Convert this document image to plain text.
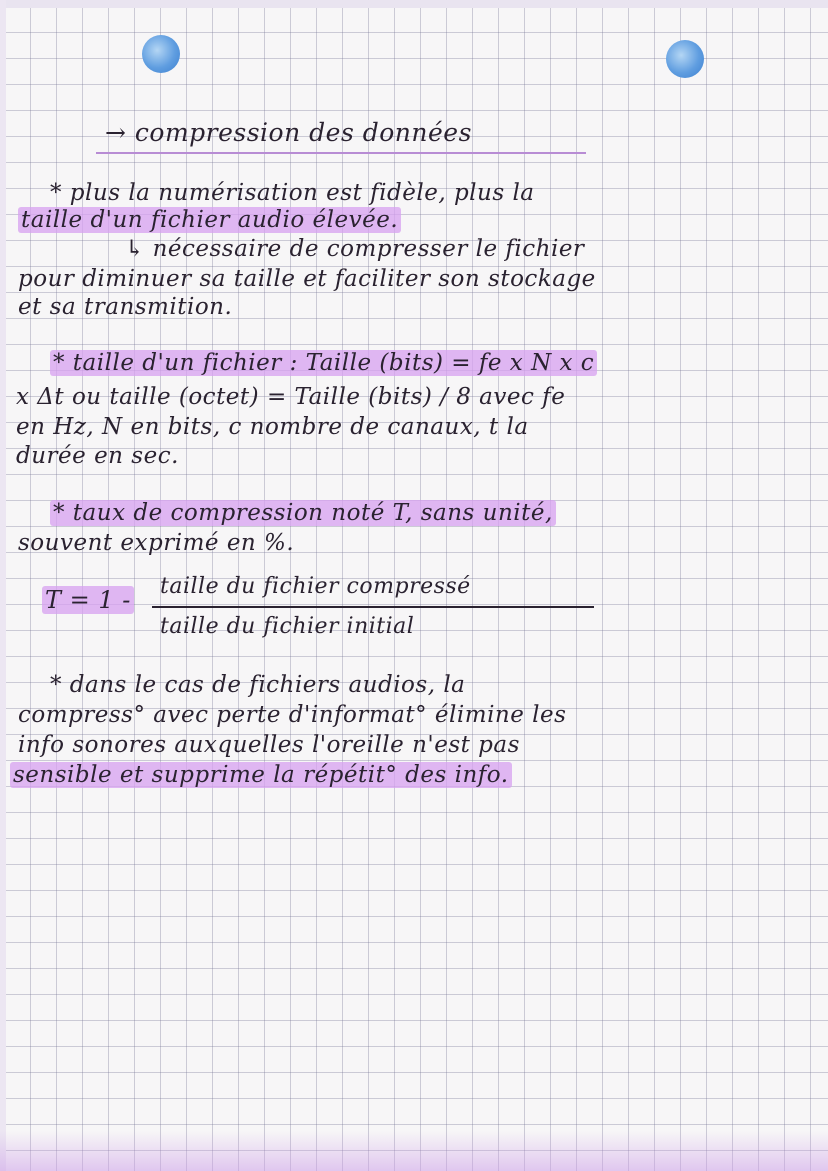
→ compression des données
* plus la numérisation est fidèle, plus la
taille d'un fichier audio élevée.
↳ nécessaire de compresser le fichier
pour diminuer sa taille et faciliter son stockage
et sa transmition.
* taille d'un fichier : Taille (bits) = fe x N x c
x Δt ou taille (octet) = Taille (bits) / 8 avec fe
en Hz, N en bits, c nombre de canaux, t la
durée en sec.
* taux de compression noté T, sans unité,
souvent exprimé en %.
T = 1 - taille du fichier compressé
taille du fichier initial
* dans le cas de fichiers audios, la
compress° avec perte d'informat° élimine les
info sonores auxquelles l'oreille n'est pas
sensible et supprime la répétit° des info.
